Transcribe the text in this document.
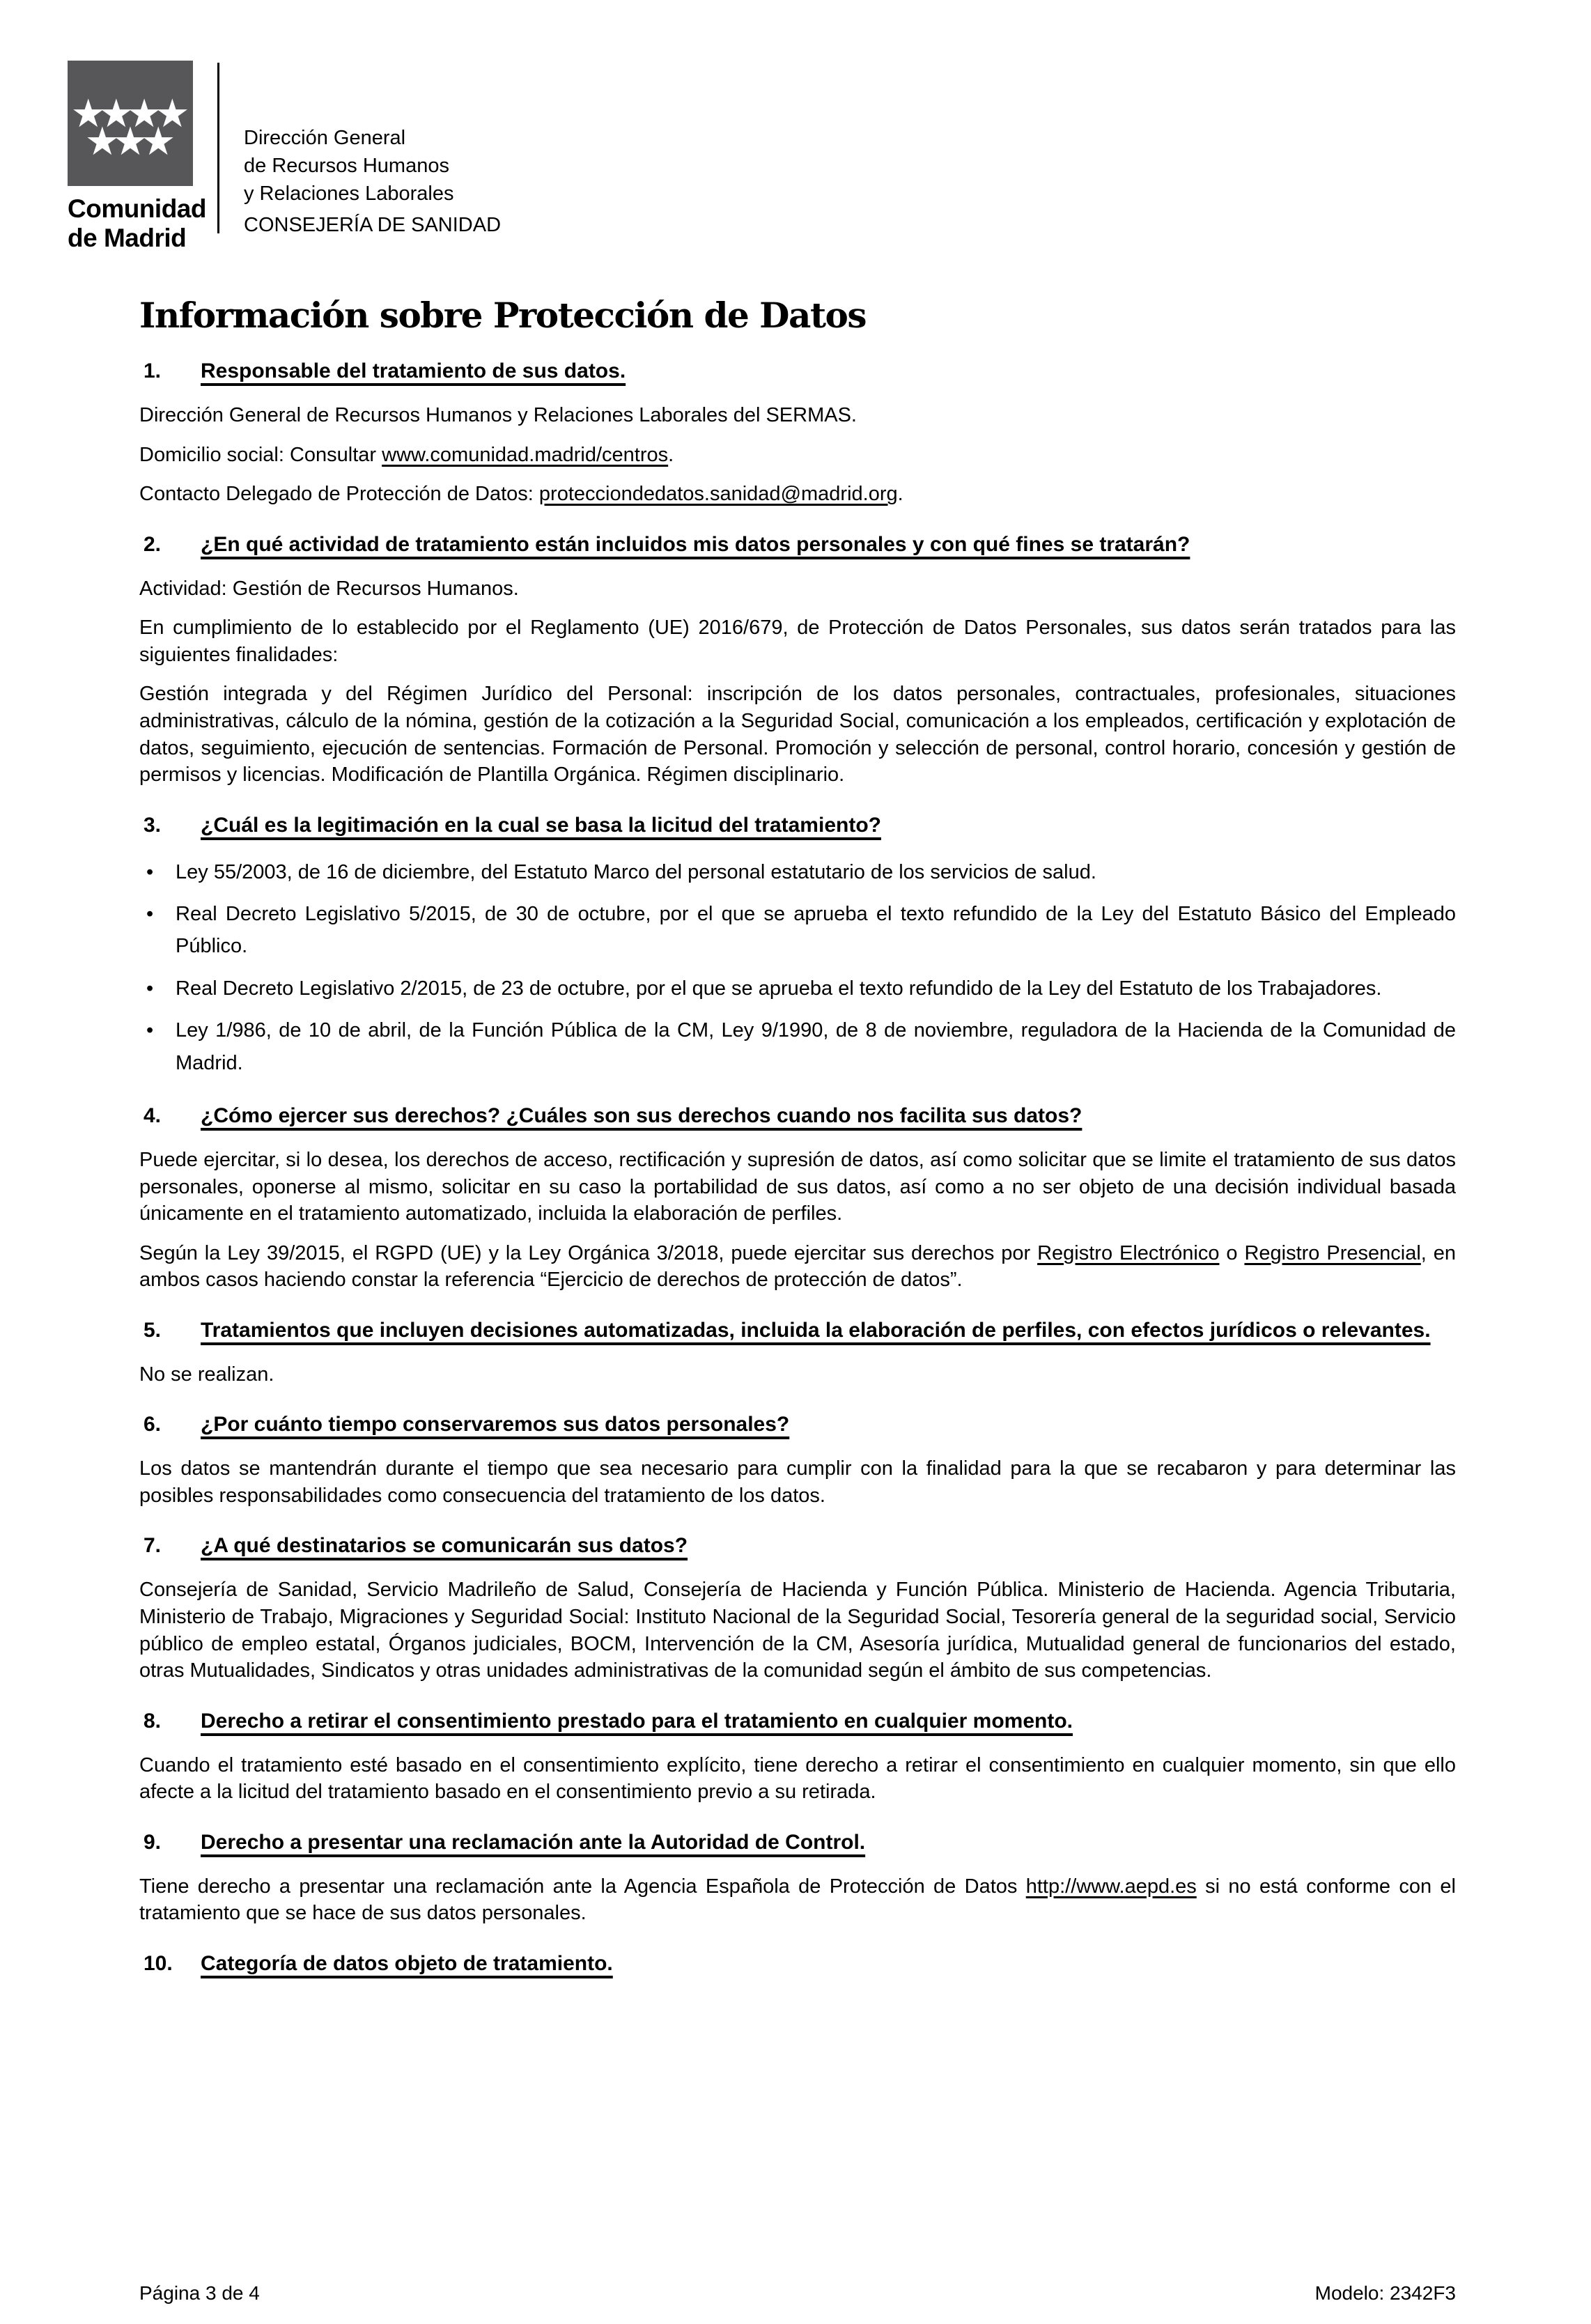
★★★★
★★★
Comunidad
de Madrid
Dirección General
de Recursos Humanos
y Relaciones Laborales
CONSEJERÍA DE SANIDAD
Información sobre Protección de Datos
1. Responsable del tratamiento de sus datos.

Dirección General de Recursos Humanos y Relaciones Laborales del SERMAS.

Domicilio social: Consultar www.comunidad.madrid/centros.

Contacto Delegado de Protección de Datos: protecciondedatos.sanidad@madrid.org.

2. ¿En qué actividad de tratamiento están incluidos mis datos personales y con qué fines se tratarán?

Actividad: Gestión de Recursos Humanos.

En cumplimiento de lo establecido por el Reglamento (UE) 2016/679, de Protección de Datos Personales, sus datos serán tratados para las siguientes finalidades:

Gestión integrada y del Régimen Jurídico del Personal: inscripción de los datos personales, contractuales, profesionales, situaciones administrativas, cálculo de la nómina, gestión de la cotización a la Seguridad Social, comunicación a los empleados, certificación y explotación de datos, seguimiento, ejecución de sentencias. Formación de Personal. Promoción y selección de personal, control horario, concesión y gestión de permisos y licencias. Modificación de Plantilla Orgánica. Régimen disciplinario.

3. ¿Cuál es la legitimación en la cual se basa la licitud del tratamiento?
• Ley 55/2003, de 16 de diciembre, del Estatuto Marco del personal estatutario de los servicios de salud.
• Real Decreto Legislativo 5/2015, de 30 de octubre, por el que se aprueba el texto refundido de la Ley del Estatuto Básico del Empleado Público.
• Real Decreto Legislativo 2/2015, de 23 de octubre, por el que se aprueba el texto refundido de la Ley del Estatuto de los Trabajadores.
• Ley 1/986, de 10 de abril, de la Función Pública de la CM, Ley 9/1990, de 8 de noviembre, reguladora de la Hacienda de la Comunidad de Madrid.
4. ¿Cómo ejercer sus derechos? ¿Cuáles son sus derechos cuando nos facilita sus datos?

Puede ejercitar, si lo desea, los derechos de acceso, rectificación y supresión de datos, así como solicitar que se limite el tratamiento de sus datos personales, oponerse al mismo, solicitar en su caso la portabilidad de sus datos, así como a no ser objeto de una decisión individual basada únicamente en el tratamiento automatizado, incluida la elaboración de perfiles.

Según la Ley 39/2015, el RGPD (UE) y la Ley Orgánica 3/2018, puede ejercitar sus derechos por Registro Electrónico o Registro Presencial, en ambos casos haciendo constar la referencia “Ejercicio de derechos de protección de datos”.

5. Tratamientos que incluyen decisiones automatizadas, incluida la elaboración de perfiles, con efectos jurídicos o relevantes.

No se realizan.

6. ¿Por cuánto tiempo conservaremos sus datos personales?

Los datos se mantendrán durante el tiempo que sea necesario para cumplir con la finalidad para la que se recabaron y para determinar las posibles responsabilidades como consecuencia del tratamiento de los datos.

7. ¿A qué destinatarios se comunicarán sus datos?

Consejería de Sanidad, Servicio Madrileño de Salud, Consejería de Hacienda y Función Pública. Ministerio de Hacienda. Agencia Tributaria, Ministerio de Trabajo, Migraciones y Seguridad Social: Instituto Nacional de la Seguridad Social, Tesorería general de la seguridad social, Servicio público de empleo estatal, Órganos judiciales, BOCM, Intervención de la CM, Asesoría jurídica, Mutualidad general de funcionarios del estado, otras Mutualidades, Sindicatos y otras unidades administrativas de la comunidad según el ámbito de sus competencias.

8. Derecho a retirar el consentimiento prestado para el tratamiento en cualquier momento.

Cuando el tratamiento esté basado en el consentimiento explícito, tiene derecho a retirar el consentimiento en cualquier momento, sin que ello afecte a la licitud del tratamiento basado en el consentimiento previo a su retirada.

9. Derecho a presentar una reclamación ante la Autoridad de Control.

Tiene derecho a presentar una reclamación ante la Agencia Española de Protección de Datos http://www.aepd.es si no está conforme con el tratamiento que se hace de sus datos personales.

10. Categoría de datos objeto de tratamiento.
Página 3 de 4	Modelo: 2342F3
